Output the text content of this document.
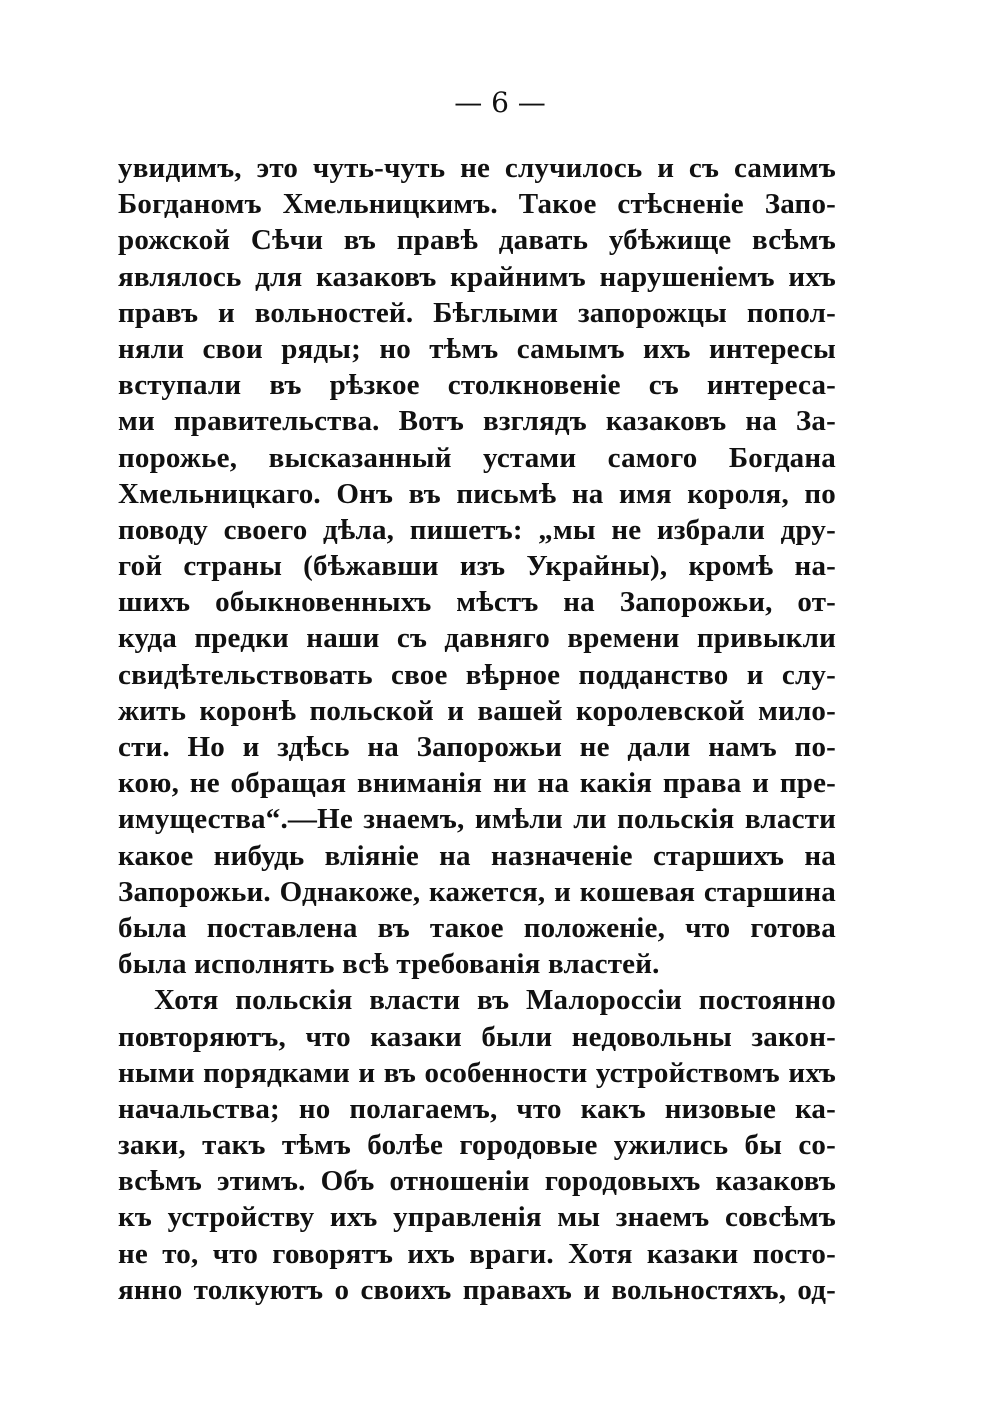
— 6 —
увидимъ, это чуть-чуть не случилось и съ самимъ
Богданомъ Хмельницкимъ. Такое стѣсненіе Запо-
рожской Сѣчи въ правѣ давать убѣжище всѣмъ
являлось для казаковъ крайнимъ нарушеніемъ ихъ
правъ и вольностей. Бѣглыми запорожцы попол-
няли свои ряды; но тѣмъ самымъ ихъ интересы
вступали въ рѣзкое столкновеніе съ интереса-
ми правительства. Вотъ взглядъ казаковъ на За-
порожье, высказанный устами самого Богдана
Хмельницкаго. Онъ въ письмѣ на имя короля, по
поводу своего дѣла, пишетъ: „мы не избрали дру-
гой страны (бѣжавши изъ Украйны), кромѣ на-
шихъ обыкновенныхъ мѣстъ на Запорожьи, от-
куда предки наши съ давняго времени привыкли
свидѣтельствовать свое вѣрное подданство и слу-
жить коронѣ польской и вашей королевской мило-
сти. Но и здѣсь на Запорожьи не дали намъ по-
кою, не обращая вниманія ни на какія права и пре-
имущества“.—Не знаемъ, имѣли ли польскія власти
какое нибудь вліяніе на назначеніе старшихъ на
Запорожьи. Однакоже, кажется, и кошевая старшина
была поставлена въ такое положеніе, что готова
была исполнять всѣ требованія властей.
Хотя польскія власти въ Малороссіи постоянно
повторяютъ, что казаки были недовольны закон-
ными порядками и въ особенности устройствомъ ихъ
начальства; но полагаемъ, что какъ низовые ка-
заки, такъ тѣмъ болѣе городовые ужились бы со-
всѣмъ этимъ. Объ отношеніи городовыхъ казаковъ
къ устройству ихъ управленія мы знаемъ совсѣмъ
не то, что говорятъ ихъ враги. Хотя казаки посто-
янно толкуютъ о своихъ правахъ и вольностяхъ, од-
